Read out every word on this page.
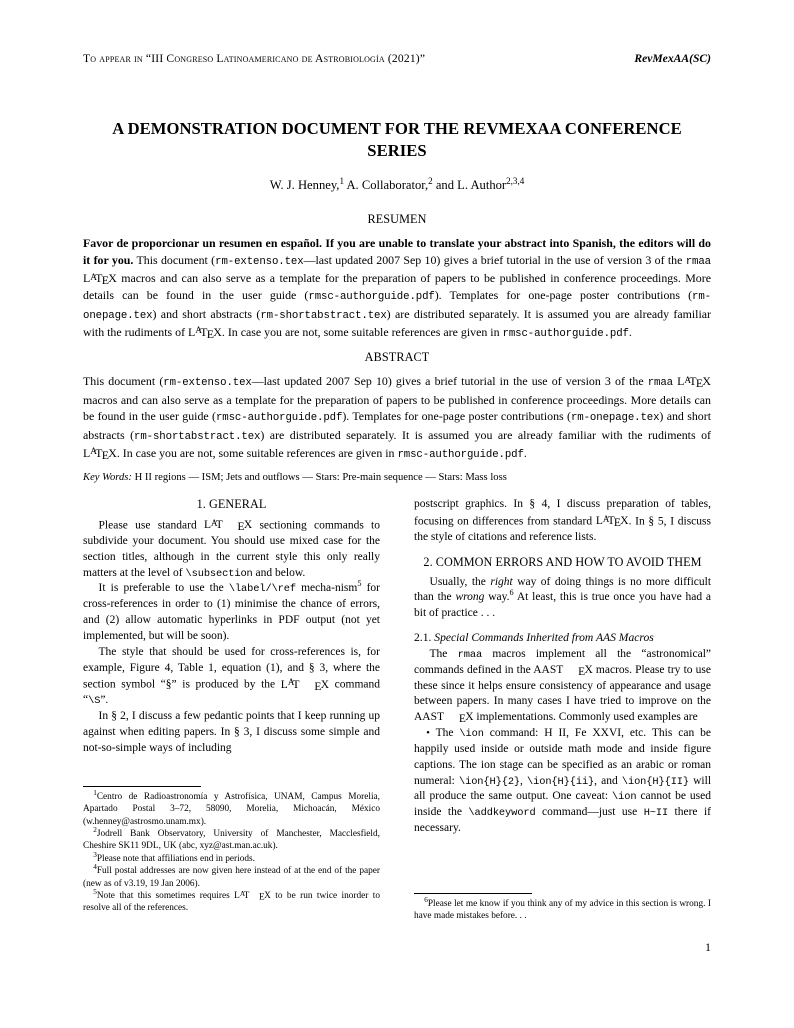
To appear in “III Congreso Latinoamericano de Astrobiología (2021)”	RevMexAA(SC)
A DEMONSTRATION DOCUMENT FOR THE REVMEXAA CONFERENCE SERIES
W. J. Henney,$^1$ A. Collaborator,$^2$ and L. Author$^{2,3,4}$
RESUMEN
Favor de proporcionar un resumen en español. If you are unable to translate your abstract into Spanish, the editors will do it for you. This document (rm-extenso.tex—last updated 2007 Sep 10) gives a brief tutorial in the use of version 3 of the rmaa $L^ATEX$ macros and can also serve as a template for the preparation of papers to be published in conference proceedings. More details can be found in the user guide (rmsc-authorguide.pdf). Templates for one-page poster contributions (rm-onepage.tex) and short abstracts (rm-shortabstract.tex) are distributed separately. It is assumed you are already familiar with the rudiments of $L^ATEX$. In case you are not, some suitable references are given in rmsc-authorguide.pdf.
ABSTRACT
This document (rm-extenso.tex—last updated 2007 Sep 10) gives a brief tutorial in the use of version 3 of the rmaa $L^ATEX$ macros and can also serve as a template for the preparation of papers to be published in conference proceedings. More details can be found in the user guide (rmsc-authorguide.pdf). Templates for one-page poster contributions (rm-onepage.tex) and short abstracts (rm-shortabstract.tex) are distributed separately. It is assumed you are already familiar with the rudiments of $L^ATEX$. In case you are not, some suitable references are given in rmsc-authorguide.pdf.
Key Words: H II regions — ISM; Jets and outflows — Stars: Pre-main sequence — Stars: Mass loss
1. GENERAL

Please use standard $L^AT$ EX sectioning commands to subdivide your document. You should use mixed case for the section titles, although in the current style this only really matters at the level of \subsection and below.

It is preferable to use the \label/\ref mecha-nism$^5$ for cross-references in order to (1) minimise the chance of errors, and (2) allow automatic hyperlinks in PDF output (not yet implemented, but will be soon).

The style that should be used for cross-references is, for example, Figure 4, Table 1, equation (1), and § 3, where the section symbol “§” is produced by the $L^AT$ EX command “\S”.

In § 2, I discuss a few pedantic points that I keep running up against when editing papers. In § 3, I discuss some simple and not-so-simple ways of including

postscript graphics. In § 4, I discuss preparation of tables, focusing on differences from standard $L^ATEX$. In § 5, I discuss the style of citations and reference lists.

2. COMMON ERRORS AND HOW TO AVOID THEM

Usually, the right way of doing things is no more difficult than the wrong way.$^6$ At least, this is true once you have had a bit of practice . . .

2.1. Special Commands Inherited from AAS Macros

The rmaa macros implement all the “astronomical” commands defined in the AAST EX macros. Please try to use these since it helps ensure consistency of appearance and usage between papers. In many cases I have tried to improve on the AAST EX implementations. Commonly used examples are

• The \ion command: H II, Fe XXVI, etc. This can be happily used inside or outside math mode and inside figure captions. The ion stage can be specified as an arabic or roman numeral: \ion{H}{2}, \ion{H}{ii}, and \ion{H}{II} will all produce the same output. One caveat: \ion cannot be used inside the \addkeyword command—just use H~II there if necessary.

$^1$Centro de Radioastronomía y Astrofísica, UNAM, Campus Morelia, Apartado Postal 3–72, 58090, Morelia, Michoacán, México (w.henney@astrosmo.unam.mx).

$^2$Jodrell Bank Observatory, University of Manchester, Macclesfield, Cheshire SK11 9DL, UK (abc, xyz@ast.man.ac.uk).

$^3$Please note that affiliations end in periods.

$^4$Full postal addresses are now given here instead of at the end of the paper (new as of v3.19, 19 Jan 2006).

$^5$Note that this sometimes requires $L^AT$ EX to be run twice inorder to resolve all of the references.

$^6$Please let me know if you think any of my advice in this section is wrong. I have made mistakes before. . .

1
